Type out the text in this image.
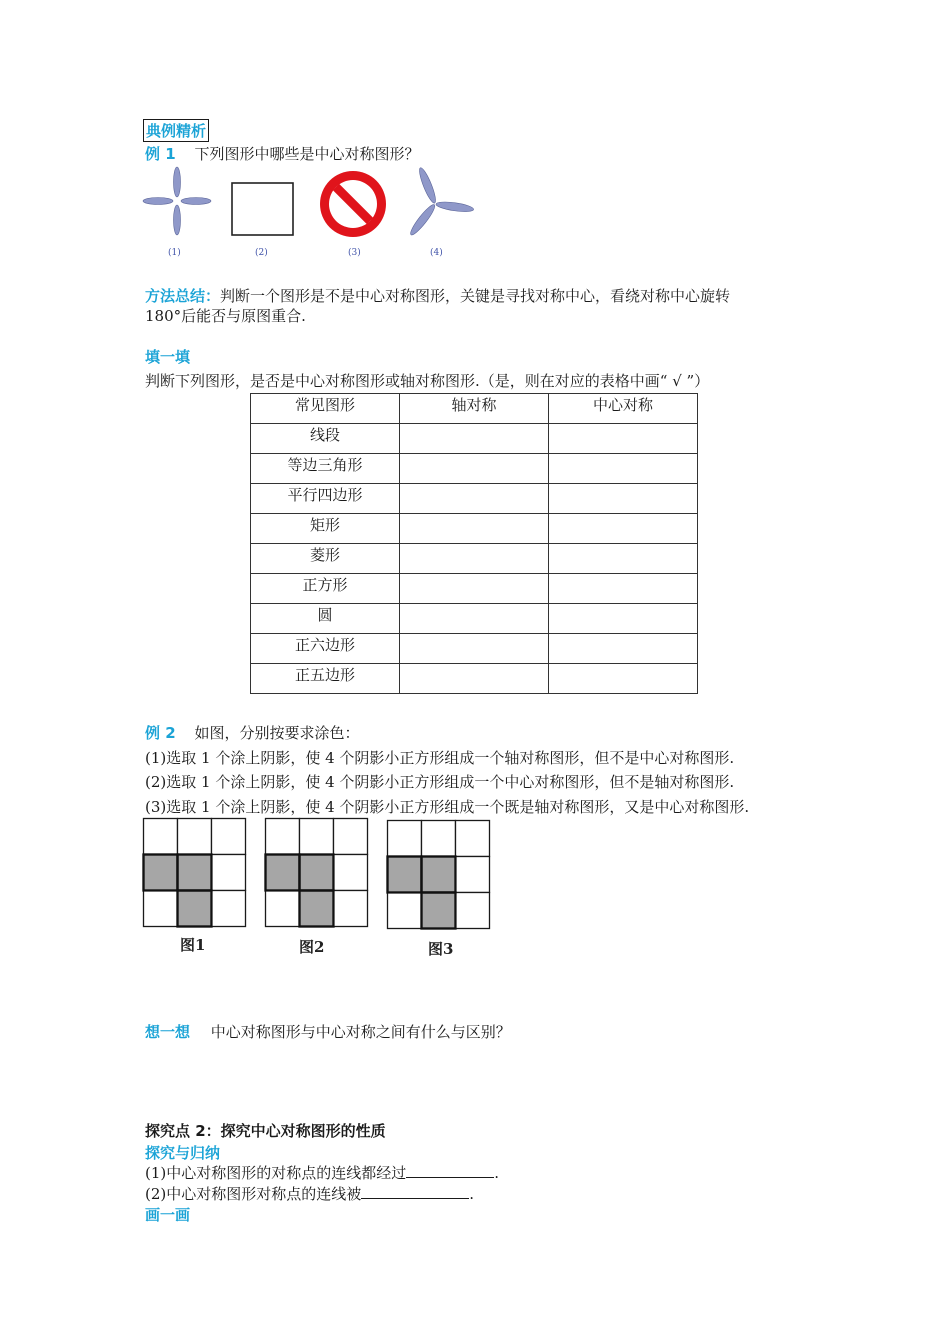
典例精析
例 1 下列图形中哪些是中心对称图形？
(1)	(2)	(3)	(4)
方法总结：判断一个图形是不是中心对称图形，关键是寻找对称中心，看绕对称中心旋转
180°后能否与原图重合.
填一填
判断下列图形，是否是中心对称图形或轴对称图形.（是，则在对应的表格中画“ √ ”）
常见图形	轴对称	中心对称
线段		
等边三角形		
平行四边形		
矩形		
菱形		
正方形		
圆		
正六边形		
正五边形		
例 2 如图，分别按要求涂色：
(1)选取 1 个涂上阴影，使 4 个阴影小正方形组成一个轴对称图形，但不是中心对称图形.
(2)选取 1 个涂上阴影，使 4 个阴影小正方形组成一个中心对称图形，但不是轴对称图形.
(3)选取 1 个涂上阴影，使 4 个阴影小正方形组成一个既是轴对称图形，又是中心对称图形.
图1	图2	图3
想一想 中心对称图形与中心对称之间有什么与区别？
探究点 2：探究中心对称图形的性质
探究与归纳
(1)中心对称图形的对称点的连线都经过	.
(2)中心对称图形对称点的连线被	.
画一画
